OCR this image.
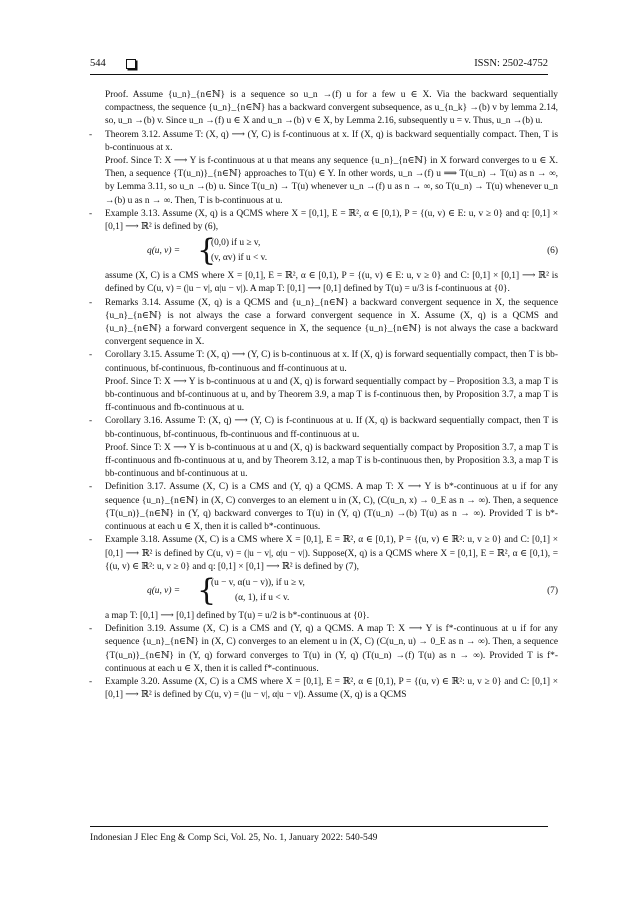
544	ISSN: 2502-4752

Proof. Assume {u_n}_{n∈ℕ} is a sequence so u_n →(f) u for a few u ∈ X. Via the backward sequentially compactness, the sequence {u_n}_{n∈ℕ} has a backward convergent subsequence, as u_{n_k} →(b) v by lemma 2.14, so, u_n →(b) v. Since u_n →(f) u ∈ X and u_n →(b) v ∈ X, by Lemma 2.16, subsequently u = v. Thus, u_n →(b) u.

- Theorem 3.12. Assume T: (X, q) ⟶ (Y, C) is f-continuous at x. If (X, q) is backward sequentially compact. Then, T is b-continuous at x.

Proof. Since T: X ⟶ Y is f-continuous at u that means any sequence {u_n}_{n∈ℕ} in X forward converges to u ∈ X. Then, a sequence {T(u_n)}_{n∈ℕ} approaches to T(u) ∈ Y. In other words, u_n →(f) u ⟹ T(u_n) → T(u) as n → ∞, by Lemma 3.11, so u_n →(b) u. Since T(u_n) → T(u) whenever u_n →(f) u as n → ∞, so T(u_n) → T(u) whenever u_n →(b) u as n → ∞. Then, T is b-continuous at u.

- Example 3.13. Assume (X, q) is a QCMS where X = [0,1], E = ℝ², α ∈ [0,1), P = {(u, v) ∈ E: u, v ≥ 0} and q: [0,1] × [0,1] ⟶ ℝ² is defined by (6),

q(u, v) = {
(0,0) if u ≥ v,
(v, αv) if u < v.
(6)

assume (X, C) is a CMS where X = [0,1], E = ℝ², α ∈ [0,1), P = {(u, v) ∈ E: u, v ≥ 0} and C: [0,1] × [0,1] ⟶ ℝ² is defined by C(u, v) = (|u − v|, α|u − v|). A map T: [0,1] ⟶ [0,1] defined by T(u) = u/3 is f-continuous at {0}.

- Remarks 3.14. Assume (X, q) is a QCMS and {u_n}_{n∈ℕ} a backward convergent sequence in X, the sequence {u_n}_{n∈ℕ} is not always the case a forward convergent sequence in X. Assume (X, q) is a QCMS and {u_n}_{n∈ℕ} a forward convergent sequence in X, the sequence {u_n}_{n∈ℕ} is not always the case a backward convergent sequence in X.

- Corollary 3.15. Assume T: (X, q) ⟶ (Y, C) is b-continuous at x. If (X, q) is forward sequentially compact, then T is bb-continuous, bf-continuous, fb-continuous and ff-continuous at u.

Proof. Since T: X ⟶ Y is b-continuous at u and (X, q) is forward sequentially compact by – Proposition 3.3, a map T is bb-continuous and bf-continuous at u, and by Theorem 3.9, a map T is f-continuous then, by Proposition 3.7, a map T is ff-continuous and fb-continuous at u.

- Corollary 3.16. Assume T: (X, q) ⟶ (Y, C) is f-continuous at u. If (X, q) is backward sequentially compact, then T is bb-continuous, bf-continuous, fb-continuous and ff-continuous at u.

Proof. Since T: X ⟶ Y is b-continuous at u and (X, q) is backward sequentially compact by Proposition 3.7, a map T is ff-continuous and fb-continuous at u, and by Theorem 3.12, a map T is b-continuous then, by Proposition 3.3, a map T is bb-continuous and bf-continuous at u.

- Definition 3.17. Assume (X, C) is a CMS and (Y, q) a QCMS. A map T: X ⟶ Y is b*-continuous at u if for any sequence {u_n}_{n∈ℕ} in (X, C) converges to an element u in (X, C), (C(u_n, x) → 0_E as n → ∞). Then, a sequence {T(u_n)}_{n∈ℕ} in (Y, q) backward converges to T(u) in (Y, q) (T(u_n) →(b) T(u) as n → ∞). Provided T is b*-continuous at each u ∈ X, then it is called b*-continuous.

- Example 3.18. Assume (X, C) is a CMS where X = [0,1], E = ℝ², α ∈ [0,1), P = {(u, v) ∈ ℝ²: u, v ≥ 0} and C: [0,1] × [0,1] ⟶ ℝ² is defined by C(u, v) = (|u − v|, α|u − v|). Suppose(X, q) is a QCMS where X = [0,1], E = ℝ², α ∈ [0,1), = {(u, v) ∈ ℝ²: u, v ≥ 0} and q: [0,1] × [0,1] ⟶ ℝ² is defined by (7),

q(u, v) = {
(u − v, α(u − v)), if u ≥ v,
(α, 1), if u < v.
(7)

a map T: [0,1] ⟶ [0,1] defined by T(u) = u/2 is b*-continuous at {0}.

- Definition 3.19. Assume (X, C) is a CMS and (Y, q) a QCMS. A map T: X ⟶ Y is f*-continuous at u if for any sequence {u_n}_{n∈ℕ} in (X, C) converges to an element u in (X, C) (C(u_n, u) → 0_E as n → ∞). Then, a sequence {T(u_n)}_{n∈ℕ} in (Y, q) forward converges to T(u) in (Y, q) (T(u_n) →(f) T(u) as n → ∞). Provided T is f*-continuous at each u ∈ X, then it is called f*-continuous.

- Example 3.20. Assume (X, C) is a CMS where X = [0,1], E = ℝ², α ∈ [0,1), P = {(u, v) ∈ ℝ²: u, v ≥ 0} and C: [0,1] × [0,1] ⟶ ℝ² is defined by C(u, v) = (|u − v|, α|u − v|). Assume (X, q) is a QCMS

Indonesian J Elec Eng & Comp Sci, Vol. 25, No. 1, January 2022: 540-549
